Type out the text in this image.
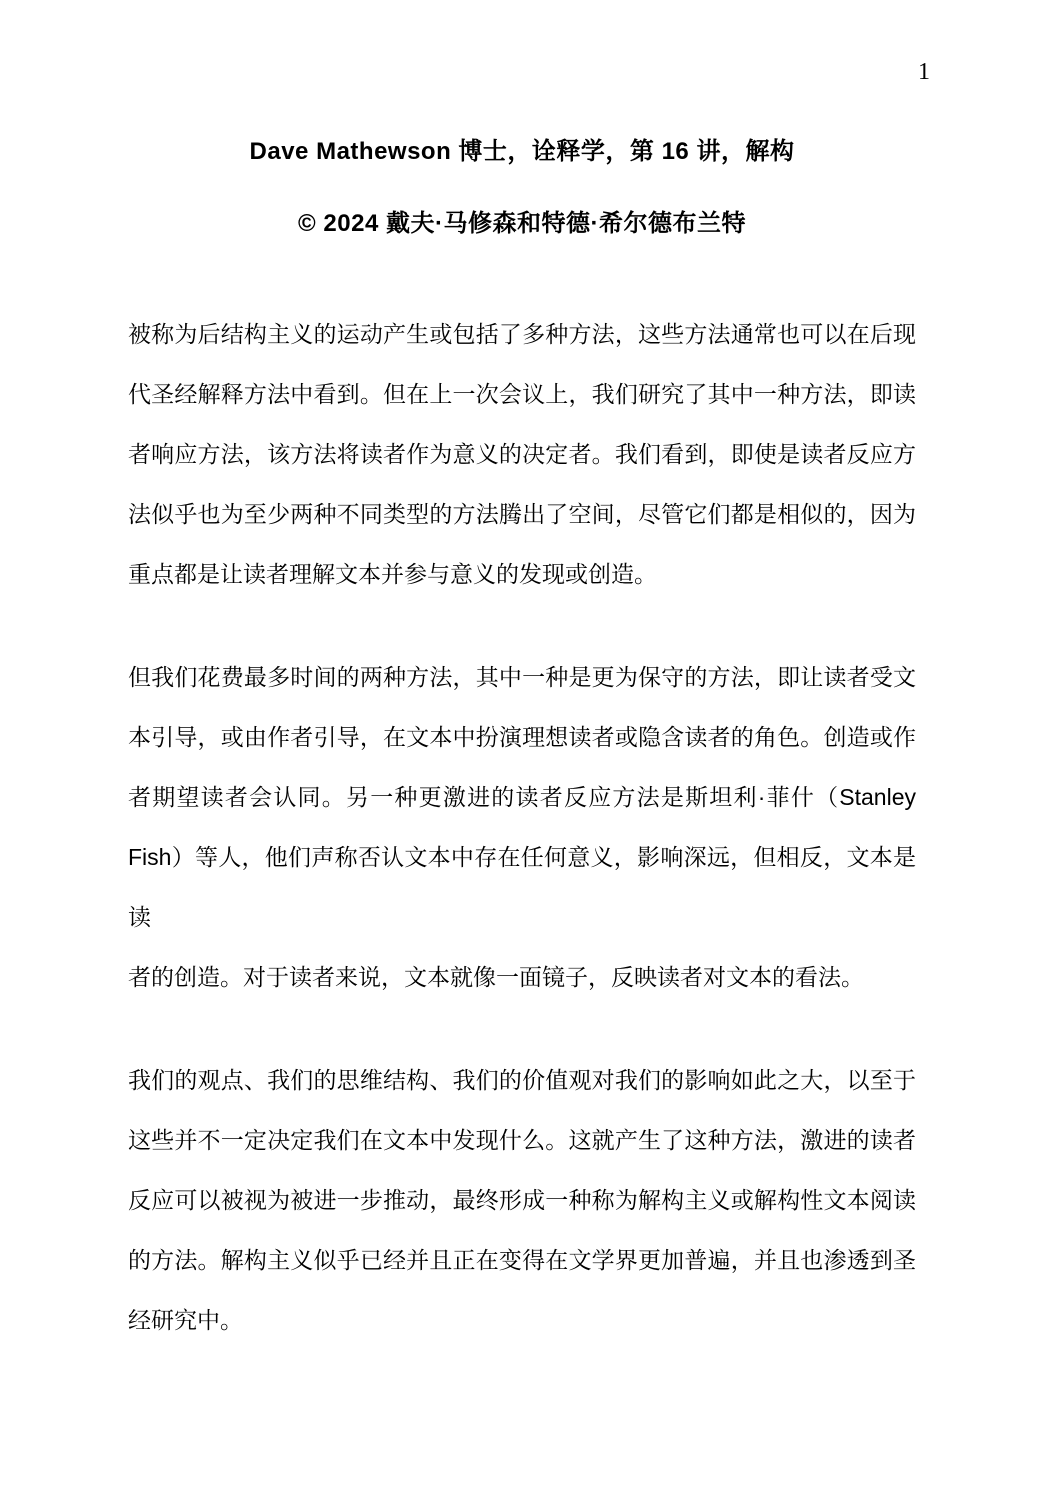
1
Dave Mathewson 博士，诠释学，第 16 讲，解构
© 2024 戴夫·马修森和特德·希尔德布兰特
被称为后结构主义的运动产生或包括了多种方法，这些方法通常也可以在后现
代圣经解释方法中看到。但在上一次会议上，我们研究了其中一种方法，即读
者响应方法，该方法将读者作为意义的决定者。我们看到，即使是读者反应方
法似乎也为至少两种不同类型的方法腾出了空间，尽管它们都是相似的，因为
重点都是让读者理解文本并参与意义的发现或创造。
但我们花费最多时间的两种方法，其中一种是更为保守的方法，即让读者受文
本引导，或由作者引导，在文本中扮演理想读者或隐含读者的角色。创造或作
者期望读者会认同。另一种更激进的读者反应方法是斯坦利·菲什（Stanley
Fish）等人，他们声称否认文本中存在任何意义，影响深远，但相反，文本是读
者的创造。对于读者来说，文本就像一面镜子，反映读者对文本的看法。
我们的观点、我们的思维结构、我们的价值观对我们的影响如此之大，以至于
这些并不一定决定我们在文本中发现什么。这就产生了这种方法，激进的读者
反应可以被视为被进一步推动，最终形成一种称为解构主义或解构性文本阅读
的方法。解构主义似乎已经并且正在变得在文学界更加普遍，并且也渗透到圣
经研究中。
